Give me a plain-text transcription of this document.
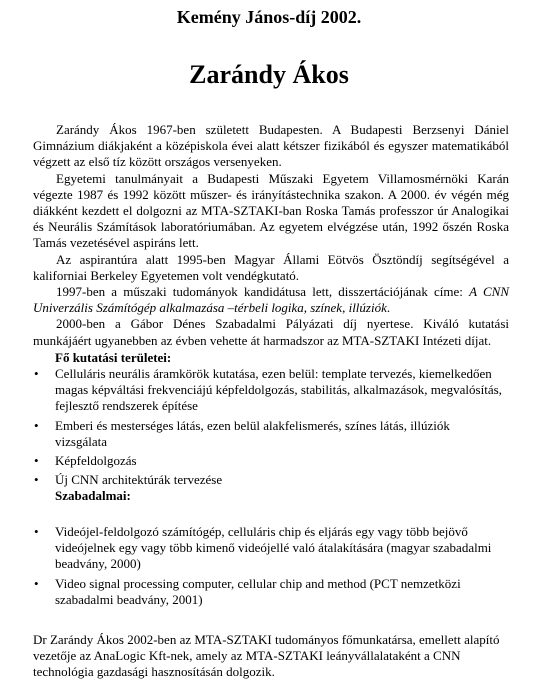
Kemény János-díj 2002.
Zarándy Ákos

Zarándy Ákos 1967-ben született Budapesten. A Budapesti Berzsenyi Dániel Gimnázium diákjaként a középiskola évei alatt kétszer fizikából és egyszer matematikából végzett az első tíz között országos versenyeken.

Egyetemi tanulmányait a Budapesti Műszaki Egyetem Villamosmérnöki Karán végezte 1987 és 1992 között műszer- és irányítástechnika szakon. A 2000. év végén még diákként kezdett el dolgozni az MTA-SZTAKI-ban Roska Tamás professzor úr Analogikai és Neurális Számítások laboratóriumában. Az egyetem elvégzése után, 1992 őszén Roska Tamás vezetésével aspiráns lett.

Az aspirantúra alatt 1995-ben Magyar Állami Eötvös Ösztöndíj segítségével a kaliforniai Berkeley Egyetemen volt vendégkutató.

1997-ben a műszaki tudományok kandidátusa lett, disszertációjának címe: A CNN Univerzális Számítógép alkalmazása –térbeli logika, színek, illúziók.

2000-ben a Gábor Dénes Szabadalmi Pályázati díj nyertese. Kiváló kutatási munkájáért ugyanebben az évben vehette át harmadszor az MTA-SZTAKI Intézeti díjat.

Fő kutatási területei:
• Celluláris neurális áramkörök kutatása, ezen belül: template tervezés, kiemelkedően magas képváltási frekvenciájú képfeldolgozás, stabilitás, alkalmazások, megvalósítás, fejlesztő rendszerek építése
• Emberi és mesterséges látás, ezen belül alakfelismerés, színes látás, illúziók vizsgálata
• Képfeldolgozás
• Új CNN architektúrák tervezése
Szabadalmai:
• Videójel-feldolgozó számítógép, celluláris chip és eljárás egy vagy több bejövő videójelnek egy vagy több kimenő videójellé való átalakítására (magyar szabadalmi beadvány, 2000)
• Video signal processing computer, cellular chip and method (PCT nemzetközi szabadalmi beadvány, 2001)
Dr Zarándy Ákos 2002-ben az MTA-SZTAKI tudományos főmunkatársa, emellett alapító vezetője az AnaLogic Kft-nek, amely az MTA-SZTAKI leányvállalataként a CNN technológia gazdasági hasznosításán dolgozik.
